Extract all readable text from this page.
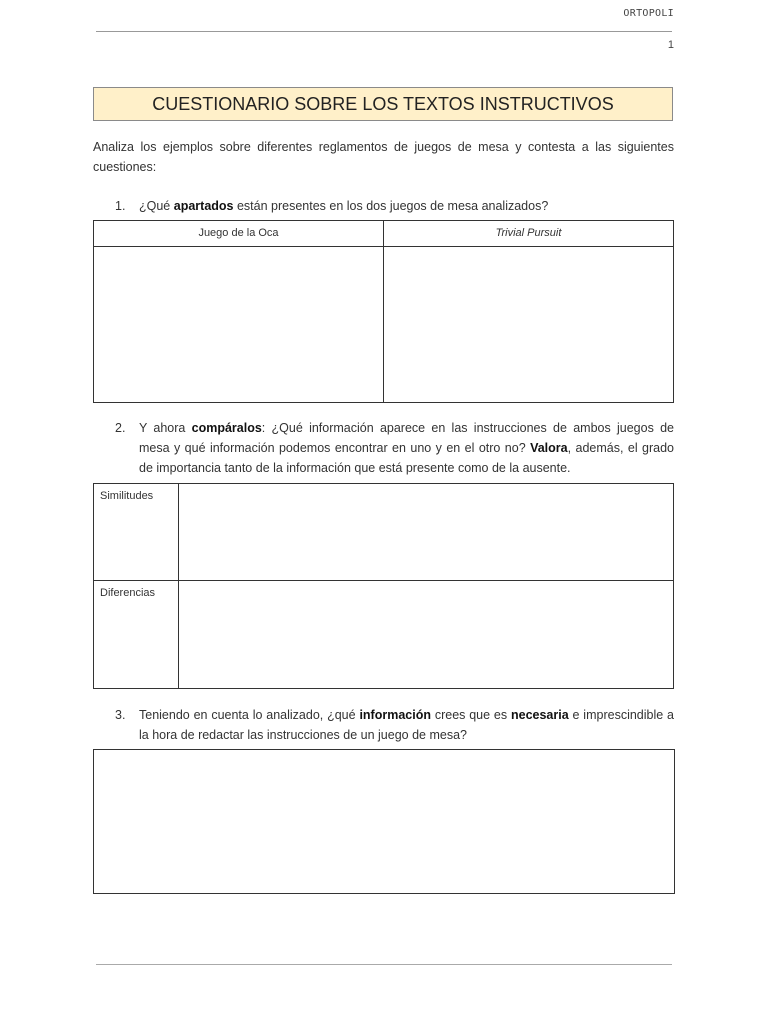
ORTOPOLI
1
CUESTIONARIO SOBRE LOS TEXTOS INSTRUCTIVOS
Analiza los ejemplos sobre diferentes reglamentos de juegos de mesa y contesta a las siguientes cuestiones:
1. ¿Qué apartados están presentes en los dos juegos de mesa analizados?
Juego de la Oca	Trivial Pursuit
2. Y ahora compáralos: ¿Qué información aparece en las instrucciones de ambos juegos de mesa y qué información podemos encontrar en uno y en el otro no? Valora, además, el grado de importancia tanto de la información que está presente como de la ausente.
Similitudes
Diferencias
3. Teniendo en cuenta lo analizado, ¿qué información crees que es necesaria e imprescindible a la hora de redactar las instrucciones de un juego de mesa?
